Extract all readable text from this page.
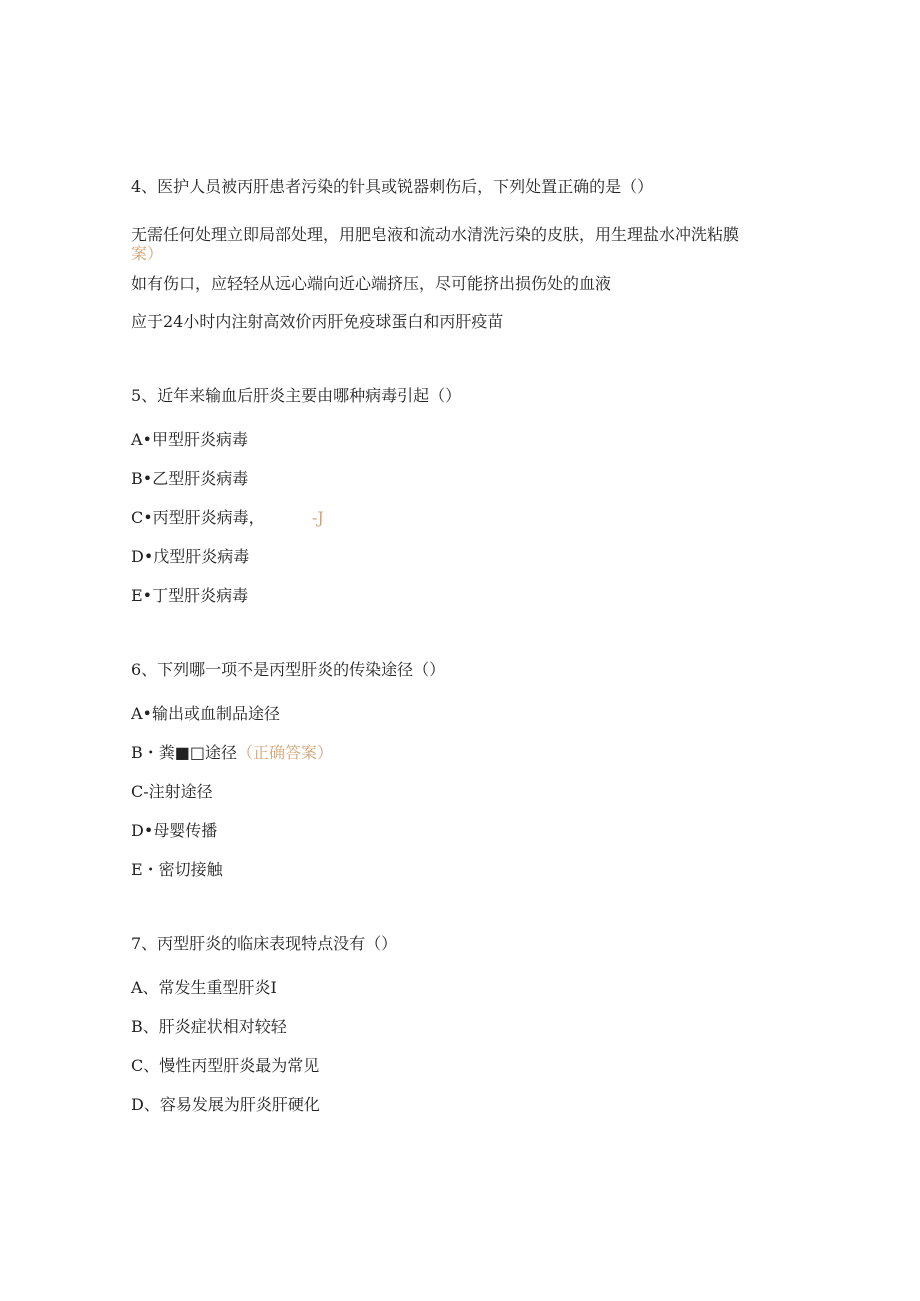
4、医护人员被丙肝患者污染的针具或锐器刺伤后，下列处置正确的是（）
无需任何处理立即局部处理，用肥皂液和流动水清洗污染的皮肤，用生理盐水冲洗粘膜
案）
如有伤口，应轻轻从远心端向近心端挤压，尽可能挤出损伤处的血液
应于24小时内注射高效价丙肝免疫球蛋白和丙肝疫苗
5、近年来输血后肝炎主要由哪种病毒引起（）
A•甲型肝炎病毒
B•乙型肝炎病毒
C•丙型肝炎病毒，	-J
D•戊型肝炎病毒
E•丁型肝炎病毒
6、下列哪一项不是丙型肝炎的传染途径（）
A•输出或血制品途径
B・粪■□途径（正确答案）
C-注射途径
D•母婴传播
E・密切接触
7、丙型肝炎的临床表现特点没有（）
A、常发生重型肝炎I
B、肝炎症状相对较轻
C、慢性丙型肝炎最为常见
D、容易发展为肝炎肝硬化
